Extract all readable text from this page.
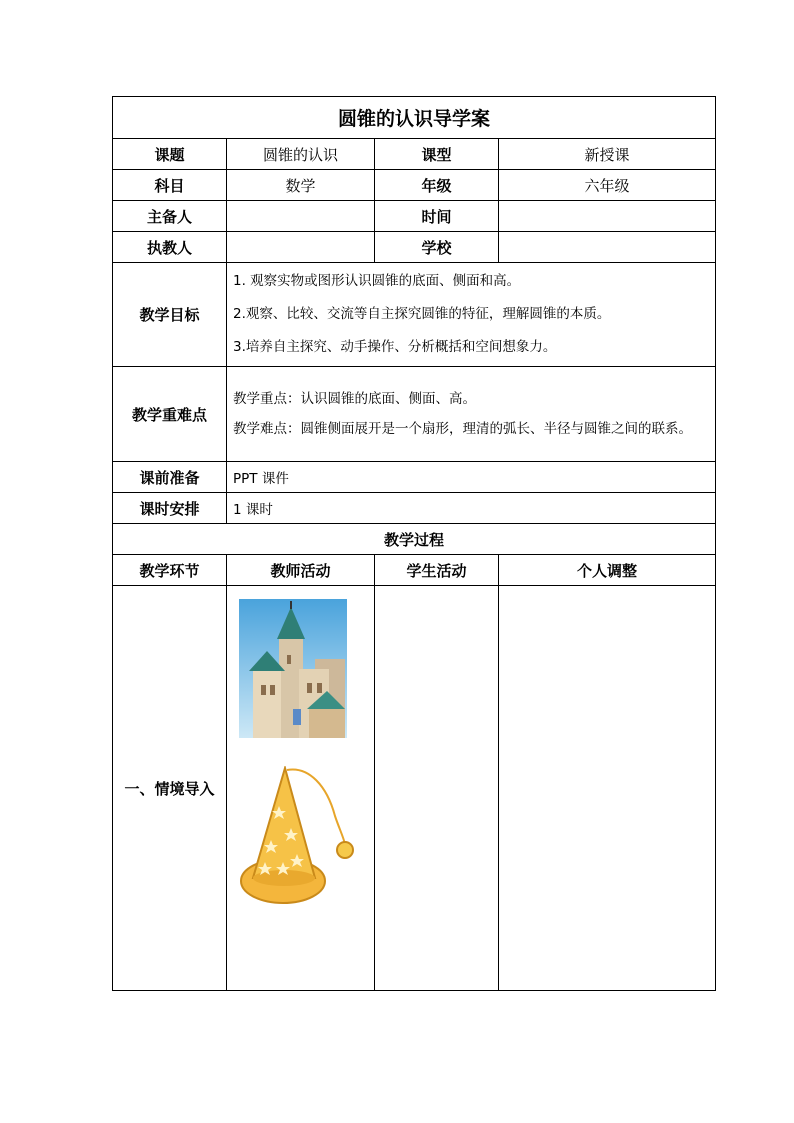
圆锥的认识导学案			
课题	圆锥的认识	课型	新授课
科目	数学	年级	六年级
主备人		时间	
执教人		学校	
教学目标	1. 观察实物或图形认识圆锥的底面、侧面和高。
2.观察、比较、交流等自主探究圆锥的特征，理解圆锥的本质。
3.培养自主探究、动手操作、分析概括和空间想象力。		

教学重难点	教学重点：认识圆锥的底面、侧面、高。
教学难点：圆锥侧面展开是一个扇形，理清的弧长、半径与圆锥之间的联系。		

课前准备	PPT 课件		
课时安排	1 课时		
教学过程			
教学环节	教师活动	学生活动	个人调整
一、情境导入	
